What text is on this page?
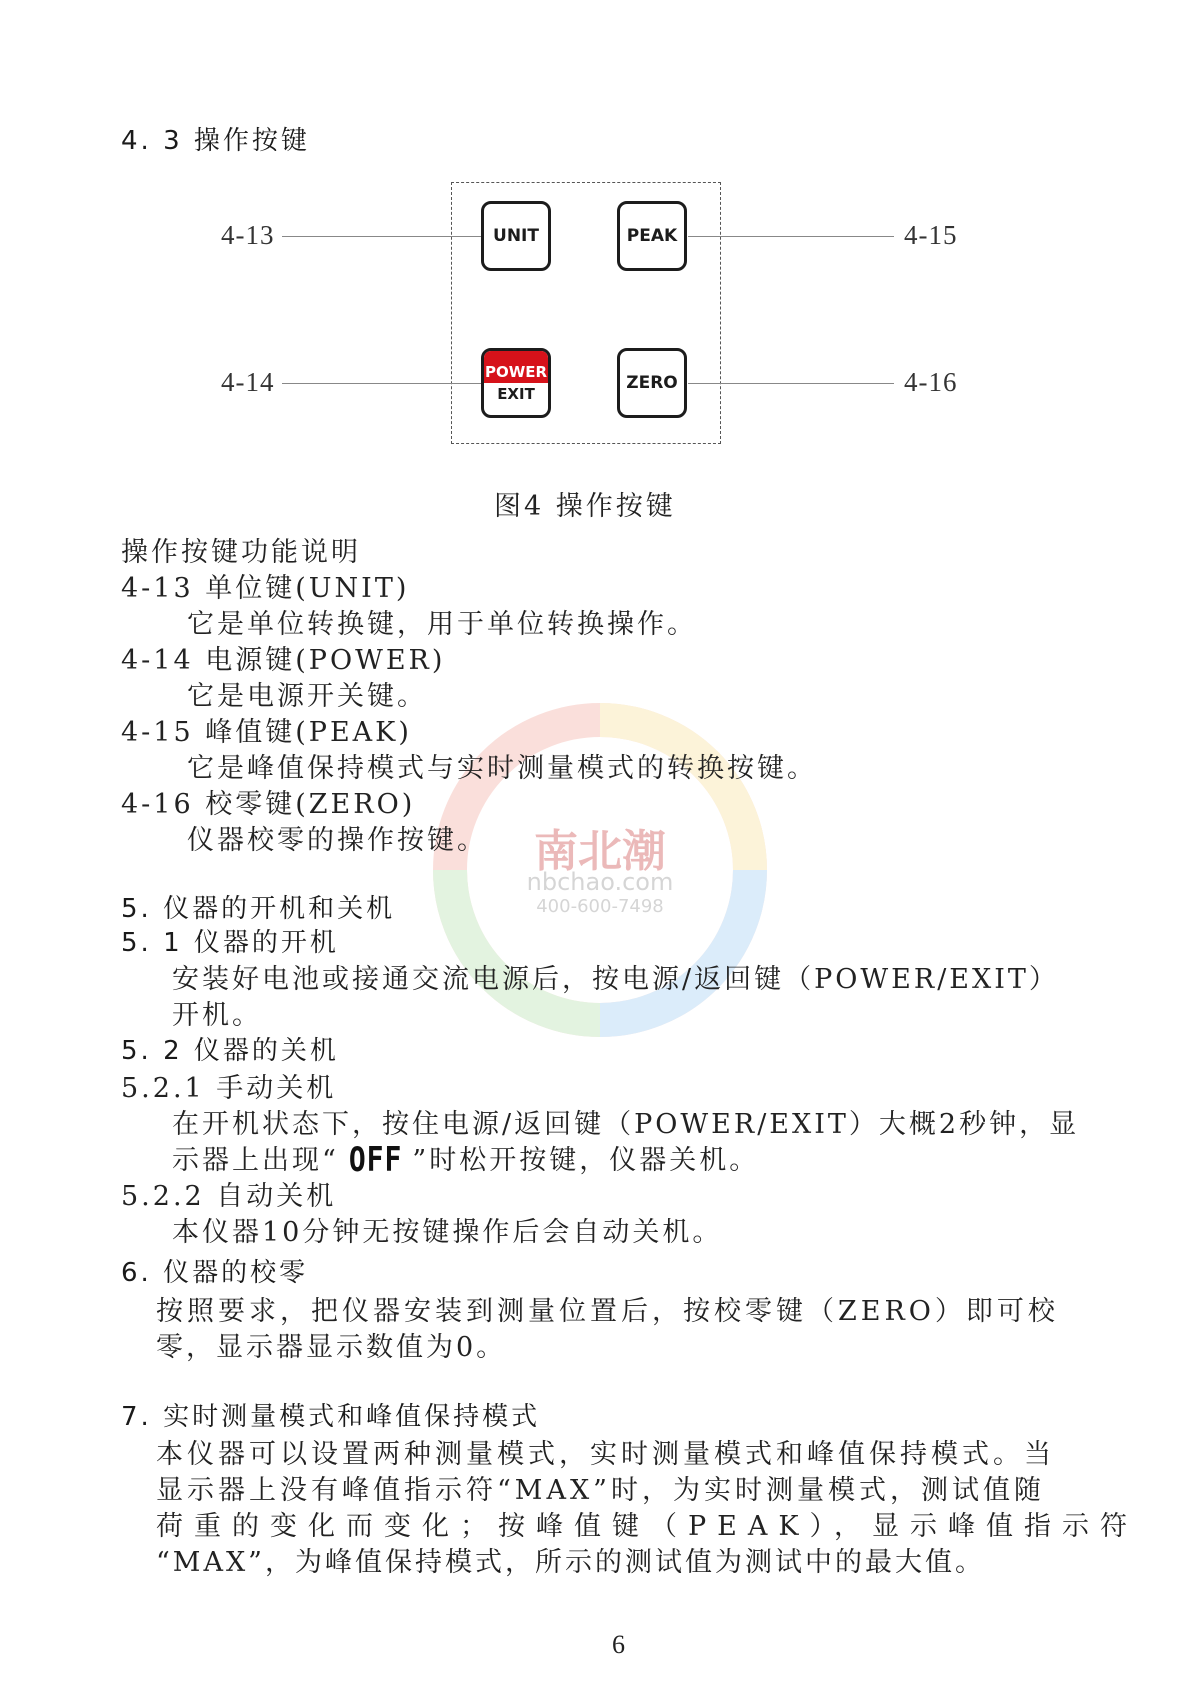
4. 3 操作按键
4-13
4-14
4-15
4-16
UNIT	PEAK
POWER
EXIT
ZERO
图4 操作按键
南北潮
nbchao.com
400-600-7498
操作按键功能说明
4-13 单位键(UNIT)
它是单位转换键，用于单位转换操作。
4-14 电源键(POWER)
它是电源开关键。
4-15 峰值键(PEAK)
它是峰值保持模式与实时测量模式的转换按键。
4-16 校零键(ZERO)
仪器校零的操作按键。
5. 仪器的开机和关机
5. 1 仪器的开机
安装好电池或接通交流电源后，按电源/返回键（POWER/EXIT）
开机。
5. 2 仪器的关机
5.2.1 手动关机
在开机状态下，按住电源/返回键（POWER/EXIT）大概2秒钟，显
示器上出现“ OFF ”时松开按键，仪器关机。
5.2.2 自动关机
本仪器10分钟无按键操作后会自动关机。
6. 仪器的校零
按照要求，把仪器安装到测量位置后，按校零键（ZERO）即可校
零，显示器显示数值为0。
7. 实时测量模式和峰值保持模式
本仪器可以设置两种测量模式，实时测量模式和峰值保持模式。当
显示器上没有峰值指示符“MAX”时，为实时测量模式，测试值随
荷重的变化而变化；按峰值键（PEAK），显示峰值指示符
“MAX”，为峰值保持模式，所示的测试值为测试中的最大值。
6
